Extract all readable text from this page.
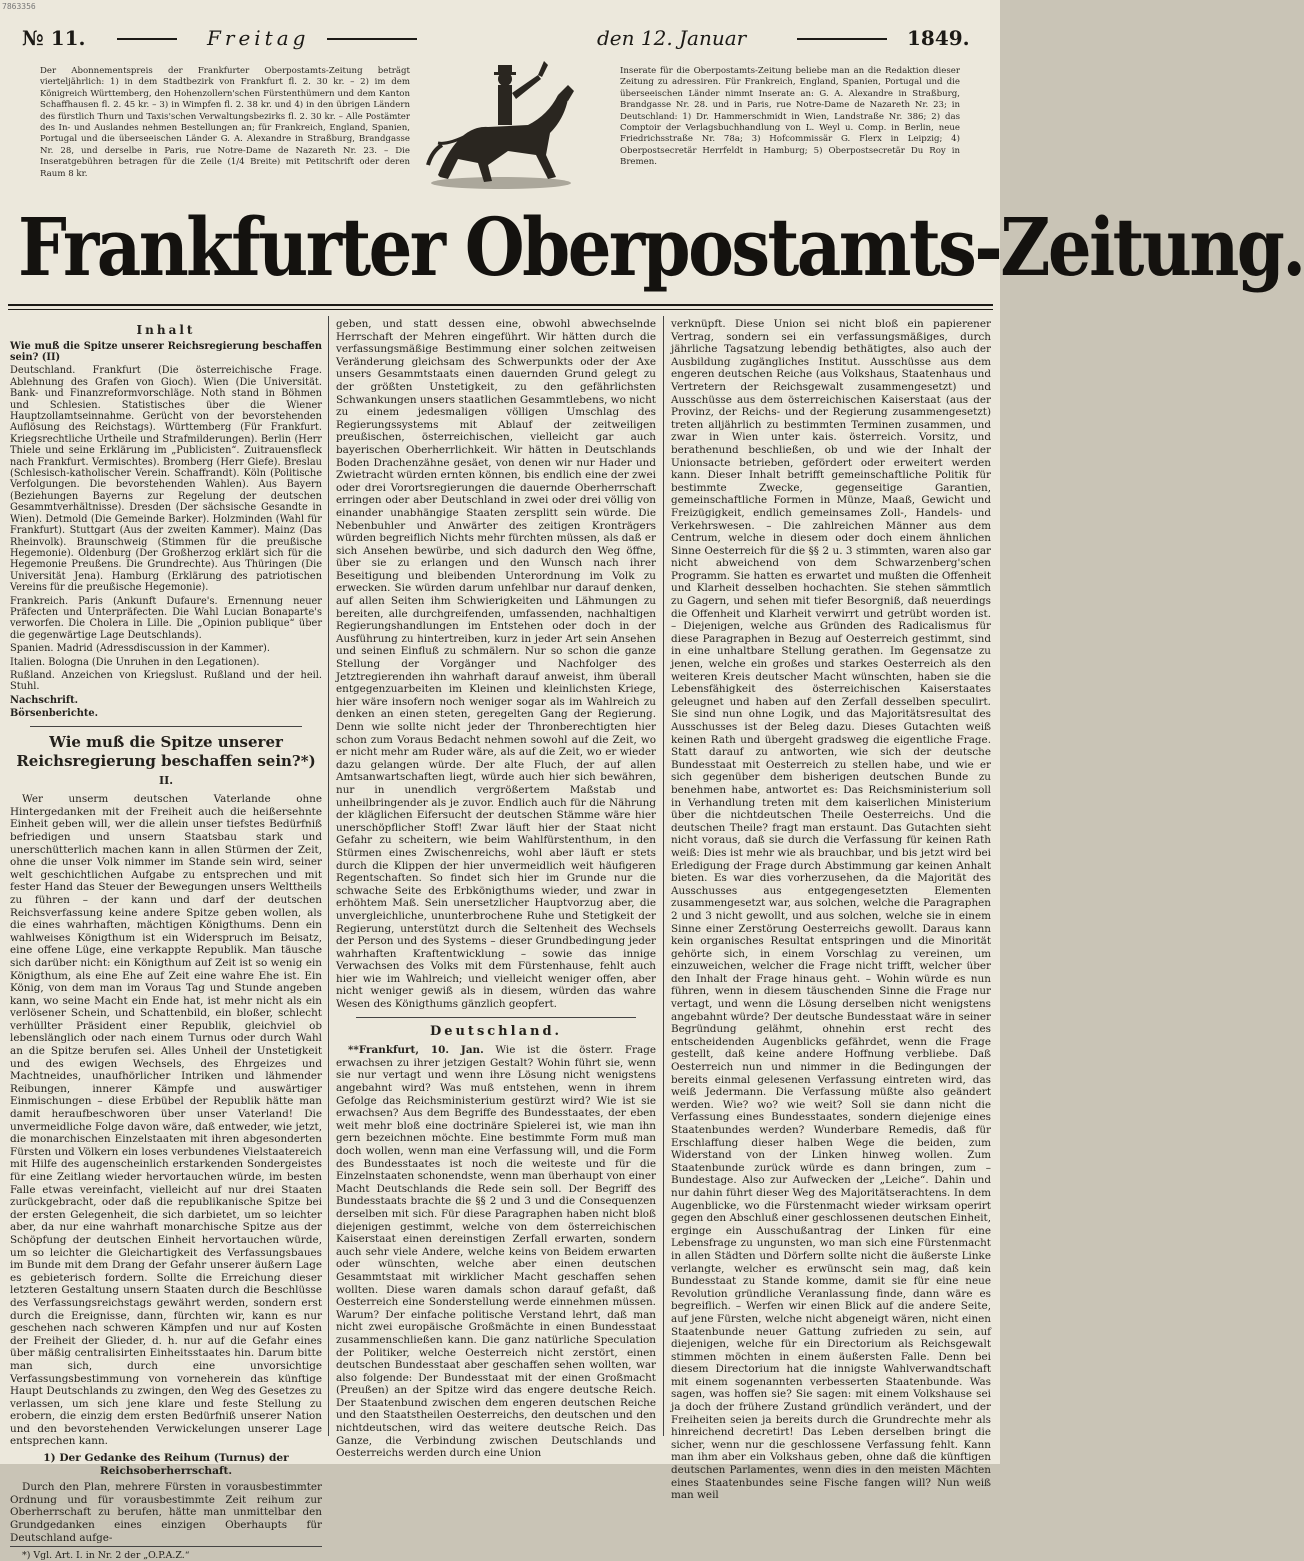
7863356
№ 11.	Freitag	den 12. Januar	1849.
Der Abonnementspreis der Frankfurter Oberpostamts-Zeitung beträgt vierteljährlich: 1) in dem Stadtbezirk von Frankfurt fl. 2. 30 kr. – 2) im dem Königreich Württemberg, den Hohenzollern'schen Fürstenthümern und dem Kanton Schaffhausen fl. 2. 45 kr. – 3) in Wimpfen fl. 2. 38 kr. und 4) in den übrigen Ländern des fürstlich Thurn und Taxis'schen Verwaltungsbezirks fl. 2. 30 kr. – Alle Postämter des In- und Auslandes nehmen Bestellungen an; für Frankreich, England, Spanien, Portugal und die überseeischen Länder G. A. Alexandre in Straßburg, Brandgasse Nr. 28, und derselbe in Paris, rue Notre-Dame de Nazareth Nr. 23. – Die Inseratgebühren betragen für die Zeile (1/4 Breite) mit Petitschrift oder deren Raum 8 kr.
Inserate für die Oberpostamts-Zeitung beliebe man an die Redaktion dieser Zeitung zu adressiren. Für Frankreich, England, Spanien, Portugal und die überseeischen Länder nimmt Inserate an: G. A. Alexandre in Straßburg, Brandgasse Nr. 28. und in Paris, rue Notre-Dame de Nazareth Nr. 23; in Deutschland: 1) Dr. Hammerschmidt in Wien, Landstraße Nr. 386; 2) das Comptoir der Verlagsbuchhandlung von L. Weyl u. Comp. in Berlin, neue Friedrichsstraße Nr. 78a; 3) Hofcommissär G. Flerx in Leipzig; 4) Oberpostsecretär Herrfeldt in Hamburg; 5) Oberpostsecretär Du Roy in Bremen.
Frankfurter Oberpostamts-Zeitung.
Inhalt

Wie muß die Spitze unserer Reichsregierung beschaffen sein? (II)

Deutschland. Frankfurt (Die österreichische Frage. Ablehnung des Grafen von Gioch). Wien (Die Universität. Bank- und Finanzreformvorschläge. Noth stand in Böhmen und Schlesien. Statistisches über die Wiener Hauptzollamtseinnahme. Gerücht von der bevorstehenden Auflösung des Reichstags). Württemberg (Für Frankfurt. Kriegsrechtliche Urtheile und Strafmilderungen). Berlin (Herr Thiele und seine Erklärung im „Publicisten“. Zuitrauensfleck nach Frankfurt. Vermischtes). Bromberg (Herr Giefe). Breslau (Schlesisch-katholischer Verein. Schaffrandt). Köln (Politische Verfolgungen. Die bevorstehenden Wahlen). Aus Bayern (Beziehungen Bayerns zur Regelung der deutschen Gesammtverhältnisse). Dresden (Der sächsische Gesandte in Wien). Detmold (Die Gemeinde Barker). Holzminden (Wahl für Frankfurt). Stuttgart (Aus der zweiten Kammer). Mainz (Das Rheinvolk). Braunschweig (Stimmen für die preußische Hegemonie). Oldenburg (Der Großherzog erklärt sich für die Hegemonie Preußens. Die Grundrechte). Aus Thüringen (Die Universität Jena). Hamburg (Erklärung des patriotischen Vereins für die preußische Hegemonie).

Frankreich. Paris (Ankunft Dufaure's. Ernennung neuer Präfecten und Unterpräfecten. Die Wahl Lucian Bonaparte's verworfen. Die Cholera in Lille. Die „Opinion publique“ über die gegenwärtige Lage Deutschlands).

Spanien. Madrid (Adressdiscussion in der Kammer).

Italien. Bologna (Die Unruhen in den Legationen).

Rußland. Anzeichen von Kriegslust. Rußland und der heil. Stuhl.

Nachschrift.

Börsenberichte.

Wie muß die Spitze unserer Reichsregierung beschaffen sein?*)
II.

Wer unserm deutschen Vaterlande ohne Hintergedanken mit der Freiheit auch die heißersehnte Einheit geben will, wer die allein unser tiefstes Bedürfniß befriedigen und unsern Staatsbau stark und unerschütterlich machen kann in allen Stürmen der Zeit, ohne die unser Volk nimmer im Stande sein wird, seiner welt geschichtlichen Aufgabe zu entsprechen und mit fester Hand das Steuer der Bewegungen unsers Welttheils zu führen – der kann und darf der deutschen Reichsverfassung keine andere Spitze geben wollen, als die eines wahrhaften, mächtigen Königthums. Denn ein wahlweises Königthum ist ein Widerspruch im Beisatz, eine offene Lüge, eine verkappte Republik. Man täusche sich darüber nicht: ein Königthum auf Zeit ist so wenig ein Königthum, als eine Ehe auf Zeit eine wahre Ehe ist. Ein König, von dem man im Voraus Tag und Stunde angeben kann, wo seine Macht ein Ende hat, ist mehr nicht als ein verlösener Schein, und Schattenbild, ein bloßer, schlecht verhüllter Präsident einer Republik, gleichviel ob lebenslänglich oder nach einem Turnus oder durch Wahl an die Spitze berufen sei. Alles Unheil der Unstetigkeit und des ewigen Wechsels, des Ehrgeizes und Machtneides, unaufhörlicher Intriken und lähmender Reibungen, innerer Kämpfe und auswärtiger Einmischungen – diese Erbübel der Republik hätte man damit heraufbeschworen über unser Vaterland! Die unvermeidliche Folge davon wäre, daß entweder, wie jetzt, die monarchischen Einzelstaaten mit ihren abgesonderten Fürsten und Völkern ein loses verbundenes Vielstaatereich mit Hilfe des augenscheinlich erstarkenden Sondergeistes für eine Zeitlang wieder hervortauchen würde, im besten Falle etwas vereinfacht, vielleicht auf nur drei Staaten zurückgebracht, oder daß die republikanische Spitze bei der ersten Gelegenheit, die sich darbietet, um so leichter aber, da nur eine wahrhaft monarchische Spitze aus der Schöpfung der deutschen Einheit hervortauchen würde, um so leichter die Gleichartigkeit des Verfassungsbaues im Bunde mit dem Drang der Gefahr unserer äußern Lage es gebieterisch fordern. Sollte die Erreichung dieser letzteren Gestaltung unsern Staaten durch die Beschlüsse des Verfassungsreichstags gewährt werden, sondern erst durch die Ereignisse, dann, fürchten wir, kann es nur geschehen nach schweren Kämpfen und nur auf Kosten der Freiheit der Glieder, d. h. nur auf die Gefahr eines über mäßig centralisirten Einheitsstaates hin. Darum bitte man sich, durch eine unvorsichtige Verfassungsbestimmung von vorneherein das künftige Haupt Deutschlands zu zwingen, den Weg des Gesetzes zu verlassen, um sich jene klare und feste Stellung zu erobern, die einzig dem ersten Bedürfniß unserer Nation und den bevorstehenden Verwickelungen unserer Lage entsprechen kann.

1) Der Gedanke des Reihum (Turnus) der Reichsoberherrschaft.

Durch den Plan, mehrere Fürsten in vorausbestimmter Ordnung und für vorausbestimmte Zeit reihum zur Oberherrschaft zu berufen, hätte man unmittelbar den Grundgedanken eines einzigen Oberhaupts für Deutschland aufge-

*) Vgl. Art. I. in Nr. 2 der „O.P.A.Z.“

geben, und statt dessen eine, obwohl abwechselnde Herrschaft der Mehren eingeführt. Wir hätten durch die verfassungsmäßige Bestimmung einer solchen zeitweisen Veränderung gleichsam des Schwerpunkts oder der Axe unsers Gesammtstaats einen dauernden Grund gelegt zu der größten Unstetigkeit, zu den gefährlichsten Schwankungen unsers staatlichen Gesammtlebens, wo nicht zu einem jedesmaligen völligen Umschlag des Regierungssystems mit Ablauf der zeitweiligen preußischen, österreichischen, vielleicht gar auch bayerischen Oberherrlichkeit. Wir hätten in Deutschlands Boden Drachenzähne gesäet, von denen wir nur Hader und Zwietracht würden ernten können, bis endlich eine der zwei oder drei Vorortsregierungen die dauernde Oberherrschaft erringen oder aber Deutschland in zwei oder drei völlig von einander unabhängige Staaten zersplitt sein würde. Die Nebenbuhler und Anwärter des zeitigen Kronträgers würden begreiflich Nichts mehr fürchten müssen, als daß er sich Ansehen bewürbe, und sich dadurch den Weg öffne, über sie zu erlangen und den Wunsch nach ihrer Beseitigung und bleibenden Unterordnung im Volk zu erwecken. Sie würden darum unfehlbar nur darauf denken, auf allen Seiten ihm Schwierigkeiten und Lähmungen zu bereiten, alle durchgreifenden, umfassenden, nachhaltigen Regierungshandlungen im Entstehen oder doch in der Ausführung zu hintertreiben, kurz in jeder Art sein Ansehen und seinen Einfluß zu schmälern. Nur so schon die ganze Stellung der Vorgänger und Nachfolger des Jetztregierenden ihn wahrhaft darauf anweist, ihm überall entgegenzuarbeiten im Kleinen und kleinlichsten Kriege, hier wäre insofern noch weniger sogar als im Wahlreich zu denken an einen steten, geregelten Gang der Regierung. Denn wie sollte nicht jeder der Thronberechtigten hier schon zum Voraus Bedacht nehmen sowohl auf die Zeit, wo er nicht mehr am Ruder wäre, als auf die Zeit, wo er wieder dazu gelangen würde. Der alte Fluch, der auf allen Amtsanwartschaften liegt, würde auch hier sich bewähren, nur in unendlich vergrößertem Maßstab und unheilbringender als je zuvor. Endlich auch für die Nährung der kläglichen Eifersucht der deutschen Stämme wäre hier unerschöpflicher Stoff! Zwar läuft hier der Staat nicht Gefahr zu scheitern, wie beim Wahlfürstenthum, in den Stürmen eines Zwischenreichs, wohl aber läuft er stets durch die Klippen der hier unvermeidlich weit häufigeren Regentschaften. So findet sich hier im Grunde nur die schwache Seite des Erbkönigthums wieder, und zwar in erhöhtem Maß. Sein unersetzlicher Hauptvorzug aber, die unvergleichliche, ununterbrochene Ruhe und Stetigkeit der Regierung, unterstützt durch die Seltenheit des Wechsels der Person und des Systems – dieser Grundbedingung jeder wahrhaften Kraftentwicklung – sowie das innige Verwachsen des Volks mit dem Fürstenhause, fehlt auch hier wie im Wahlreich; und vielleicht weniger offen, aber nicht weniger gewiß als in diesem, würden das wahre Wesen des Königthums gänzlich geopfert.

Deutschland.

**Frankfurt, 10. Jan. Wie ist die österr. Frage erwachsen zu ihrer jetzigen Gestalt? Wohin führt sie, wenn sie nur vertagt und wenn ihre Lösung nicht wenigstens angebahnt wird? Was muß entstehen, wenn in ihrem Gefolge das Reichsministerium gestürzt wird? Wie ist sie erwachsen? Aus dem Begriffe des Bundesstaates, der eben weit mehr bloß eine doctrinäre Spielerei ist, wie man ihn gern bezeichnen möchte. Eine bestimmte Form muß man doch wollen, wenn man eine Verfassung will, und die Form des Bundesstaates ist noch die weiteste und für die Einzelnstaaten schonendste, wenn man überhaupt von einer Macht Deutschlands die Rede sein soll. Der Begriff des Bundesstaats brachte die §§ 2 und 3 und die Consequenzen derselben mit sich. Für diese Paragraphen haben nicht bloß diejenigen gestimmt, welche von dem österreichischen Kaiserstaat einen dereinstigen Zerfall erwarten, sondern auch sehr viele Andere, welche keins von Beidem erwarten oder wünschten, welche aber einen deutschen Gesammtstaat mit wirklicher Macht geschaffen sehen wollten. Diese waren damals schon darauf gefaßt, daß Oesterreich eine Sonderstellung werde einnehmen müssen. Warum? Der einfache politische Verstand lehrt, daß man nicht zwei europäische Großmächte in einen Bundesstaat zusammenschließen kann. Die ganz natürliche Speculation der Politiker, welche Oesterreich nicht zerstört, einen deutschen Bundesstaat aber geschaffen sehen wollten, war also folgende: Der Bundesstaat mit der einen Großmacht (Preußen) an der Spitze wird das engere deutsche Reich. Der Staatenbund zwischen dem engeren deutschen Reiche und den Staatstheilen Oesterreichs, den deutschen und den nichtdeutschen, wird das weitere deutsche Reich. Das Ganze, die Verbindung zwischen Deutschlands und Oesterreichs werden durch eine Union

verknüpft. Diese Union sei nicht bloß ein papierener Vertrag, sondern sei ein verfassungsmäßiges, durch jährliche Tagsatzung lebendig bethätigtes, also auch der Ausbildung zugängliches Institut. Ausschüsse aus dem engeren deutschen Reiche (aus Volkshaus, Staatenhaus und Vertretern der Reichsgewalt zusammengesetzt) und Ausschüsse aus dem österreichischen Kaiserstaat (aus der Provinz, der Reichs- und der Regierung zusammengesetzt) treten alljährlich zu bestimmten Terminen zusammen, und zwar in Wien unter kais. österreich. Vorsitz, und berathenund beschließen, ob und wie der Inhalt der Unionsacte betrieben, gefördert oder erweitert werden kann. Dieser Inhalt betrifft gemeinschaftliche Politik für bestimmte Zwecke, gegenseitige Garantien, gemeinschaftliche Formen in Münze, Maaß, Gewicht und Freizügigkeit, endlich gemeinsames Zoll-, Handels- und Verkehrswesen. – Die zahlreichen Männer aus dem Centrum, welche in diesem oder doch einem ähnlichen Sinne Oesterreich für die §§ 2 u. 3 stimmten, waren also gar nicht abweichend von dem Schwarzenberg'schen Programm. Sie hatten es erwartet und mußten die Offenheit und Klarheit desselben hochachten. Sie stehen sämmtlich zu Gagern, und sehen mit tiefer Besorgniß, daß neuerdings die Offenheit und Klarheit verwirrt und getrübt worden ist. – Diejenigen, welche aus Gründen des Radicalismus für diese Paragraphen in Bezug auf Oesterreich gestimmt, sind in eine unhaltbare Stellung gerathen. Im Gegensatze zu jenen, welche ein großes und starkes Oesterreich als den weiteren Kreis deutscher Macht wünschten, haben sie die Lebensfähigkeit des österreichischen Kaiserstaates geleugnet und haben auf den Zerfall desselben speculirt. Sie sind nun ohne Logik, und das Majoritätsresultat des Ausschusses ist der Beleg dazu. Dieses Gutachten weiß keinen Rath und übergeht gradsweg die eigentliche Frage. Statt darauf zu antworten, wie sich der deutsche Bundesstaat mit Oesterreich zu stellen habe, und wie er sich gegenüber dem bisherigen deutschen Bunde zu benehmen habe, antwortet es: Das Reichsministerium soll in Verhandlung treten mit dem kaiserlichen Ministerium über die nichtdeutschen Theile Oesterreichs. Und die deutschen Theile? fragt man erstaunt. Das Gutachten sieht nicht voraus, daß sie durch die Verfassung für keinen Rath weiß: Dies ist mehr wie als brauchbar, und bis jetzt wird bei Erledigung der Frage durch Abstimmung gar keinen Anhalt bieten. Es war dies vorherzusehen, da die Majorität des Ausschusses aus entgegengesetzten Elementen zusammengesetzt war, aus solchen, welche die Paragraphen 2 und 3 nicht gewollt, und aus solchen, welche sie in einem Sinne einer Zerstörung Oesterreichs gewollt. Daraus kann kein organisches Resultat entspringen und die Minorität gehörte sich, in einem Vorschlag zu vereinen, um einzuweichen, welcher die Frage nicht trifft, welcher über den Inhalt der Frage hinaus geht. – Wohin würde es nun führen, wenn in diesem täuschenden Sinne die Frage nur vertagt, und wenn die Lösung derselben nicht wenigstens angebahnt würde? Der deutsche Bundesstaat wäre in seiner Begründung gelähmt, ohnehin erst recht des entscheidenden Augenblicks gefährdet, wenn die Frage gestellt, daß keine andere Hoffnung verbliebe. Daß Oesterreich nun und nimmer in die Bedingungen der bereits einmal gelesenen Verfassung eintreten wird, das weiß Jedermann. Die Verfassung müßte also geändert werden. Wie? wo? wie weit? Soll sie dann nicht die Verfassung eines Bundesstaates, sondern diejenige eines Staatenbundes werden? Wunderbare Remedis, daß für Erschlaffung dieser halben Wege die beiden, zum Widerstand von der Linken hinweg wollen. Zum Staatenbunde zurück würde es dann bringen, zum – Bundestage. Also zur Aufwecken der „Leiche“. Dahin und nur dahin führt dieser Weg des Majoritätserachtens. In dem Augenblicke, wo die Fürstenmacht wieder wirksam operirt gegen den Abschluß einer geschlossenen deutschen Einheit, erginge ein Ausschußantrag der Linken für eine Lebensfrage zu ungunsten, wo man sich eine Fürstenmacht in allen Städten und Dörfern sollte nicht die äußerste Linke verlangte, welcher es erwünscht sein mag, daß kein Bundesstaat zu Stande komme, damit sie für eine neue Revolution gründliche Veranlassung finde, dann wäre es begreiflich. – Werfen wir einen Blick auf die andere Seite, auf jene Fürsten, welche nicht abgeneigt wären, nicht einen Staatenbunde neuer Gattung zufrieden zu sein, auf diejenigen, welche für ein Directorium als Reichsgewalt stimmen möchten in einem äußersten Falle. Denn bei diesem Directorium hat die innigste Wahlverwandtschaft mit einem sogenannten verbesserten Staatenbunde. Was sagen, was hoffen sie? Sie sagen: mit einem Volkshause sei ja doch der frühere Zustand gründlich verändert, und der Freiheiten seien ja bereits durch die Grundrechte mehr als hinreichend decretirt! Das Leben derselben bringt die sicher, wenn nur die geschlossene Verfassung fehlt. Kann man ihm aber ein Volkshaus geben, ohne daß die künftigen deutschen Parlamentes, wenn dies in den meisten Mächten eines Staatenbundes seine Fische fangen will? Nun weiß man weil
